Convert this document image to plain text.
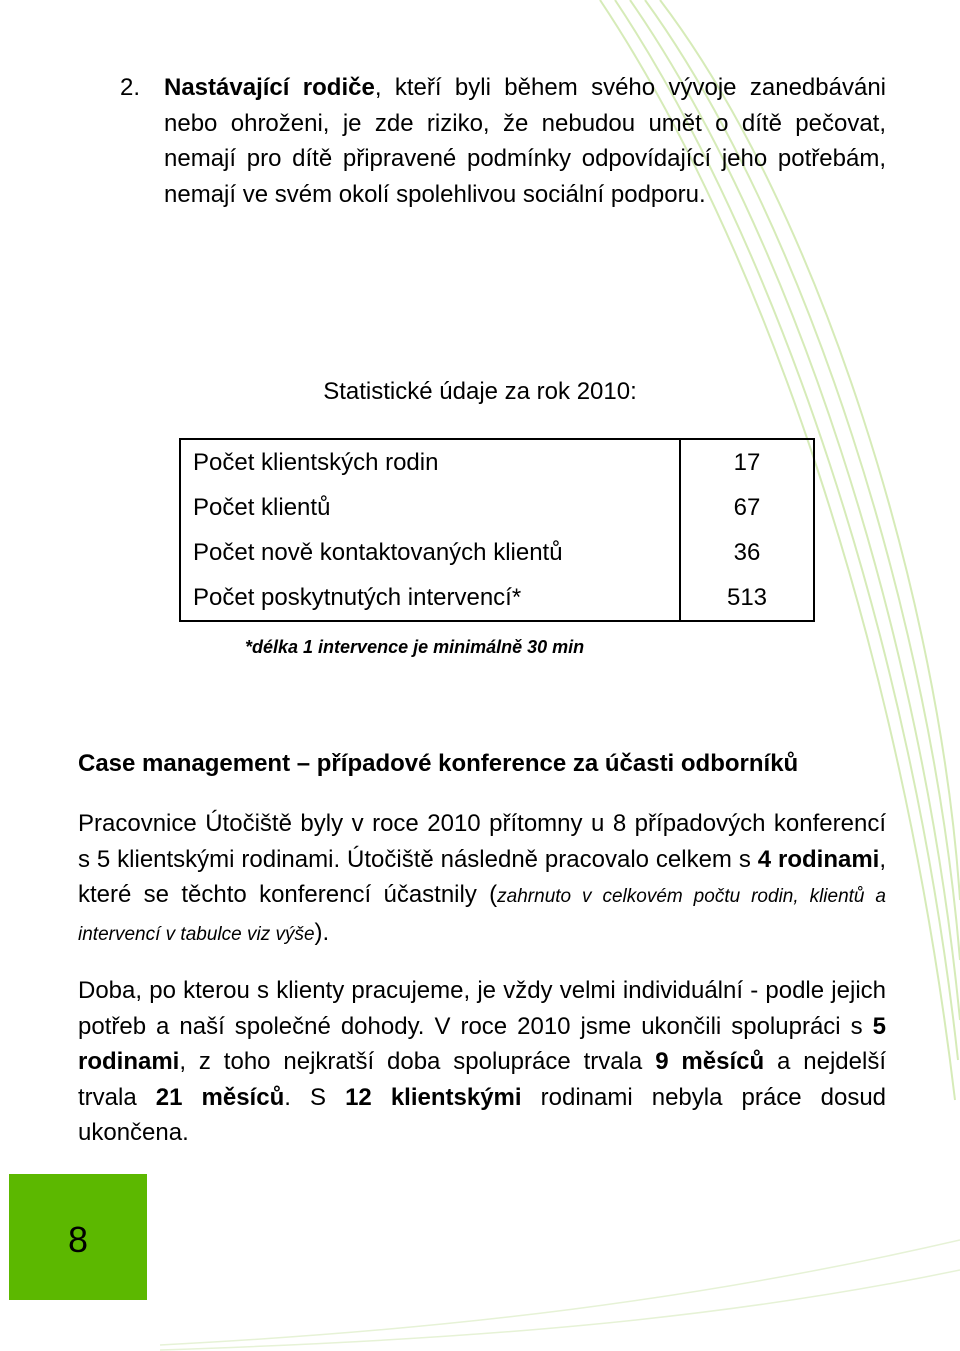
2. Nastávající rodiče, kteří byli během svého vývoje zanedbáváni nebo ohroženi, je zde riziko, že nebudou umět o dítě pečovat, nemají pro dítě připravené podmínky odpovídající jeho potřebám, nemají ve svém okolí spolehlivou sociální podporu.
Statistické údaje za rok 2010:
Počet klientských rodin	17
Počet klientů	67
Počet nově kontaktovaných klientů	36
Počet poskytnutých intervencí*	513
*délka 1 intervence je minimálně 30 min
Case management – případové konference za účasti odborníků
Pracovnice Útočiště byly v roce 2010 přítomny u 8 případových konferencí s 5 klientskými rodinami. Útočiště následně pracovalo celkem s 4 rodinami, které se těchto konferencí účastnily (zahrnuto v celkovém počtu rodin, klientů a intervencí v tabulce viz výše).
Doba, po kterou s klienty pracujeme, je vždy velmi individuální - podle jejich potřeb a naší společné dohody. V roce 2010 jsme ukončili spolupráci s 5 rodinami, z toho nejkratší doba spolupráce trvala 9 měsíců a nejdelší trvala 21 měsíců. S 12 klientskými rodinami nebyla práce dosud ukončena.
8
